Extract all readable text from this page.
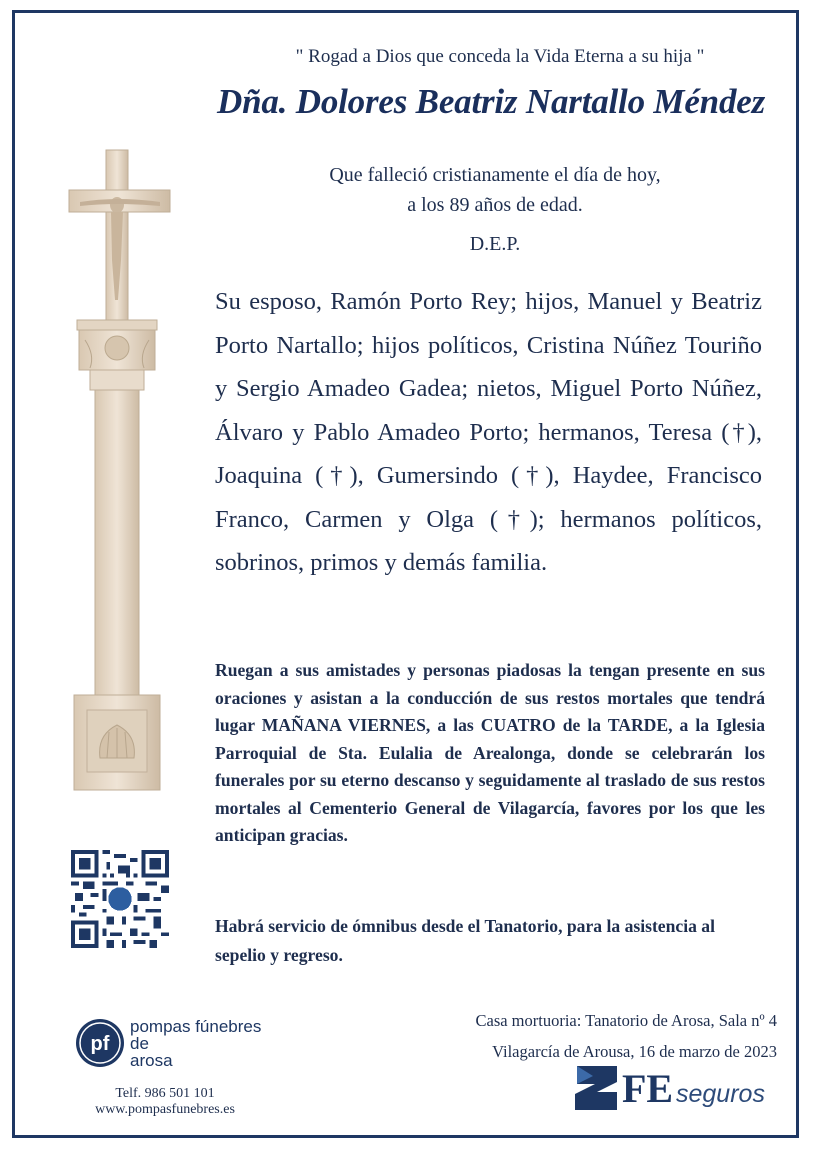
" Rogad a Dios que conceda la Vida Eterna a su hija "
Dña. Dolores Beatriz Nartallo Méndez
Que falleció cristianamente el día de hoy,
a los 89 años de edad.
D.E.P.
Su esposo, Ramón Porto Rey; hijos, Manuel y Beatriz Porto Nartallo; hijos políticos, Cristina Núñez Touriño y Sergio Amadeo Gadea; nietos, Miguel Porto Núñez, Álvaro y Pablo Amadeo Porto; hermanos, Teresa (†), Joaquina (†), Gumersindo (†), Haydee, Francisco Franco, Carmen y Olga (†); hermanos políticos, sobrinos, primos y demás familia.
Ruegan a sus amistades y personas piadosas la tengan presente en sus oraciones y asistan a la conducción de sus restos mortales que tendrá lugar MAÑANA VIERNES, a las CUATRO de la TARDE, a la Iglesia Parroquial de Sta. Eulalia de Arealonga, donde se celebrarán los funerales por su eterno descanso y seguidamente al traslado de sus restos mortales al Cementerio General de Vilagarcía, favores por los que les anticipan gracias.
Habrá servicio de ómnibus desde el Tanatorio, para la asistencia al sepelio y regreso.
Casa mortuoria: Tanatorio de Arosa, Sala nº 4
Vilagarcía de Arousa, 16 de marzo de 2023
pf
pompas fúnebres
de
arosa
Telf. 986 501 101
www.pompasfunebres.es	FE seguros
